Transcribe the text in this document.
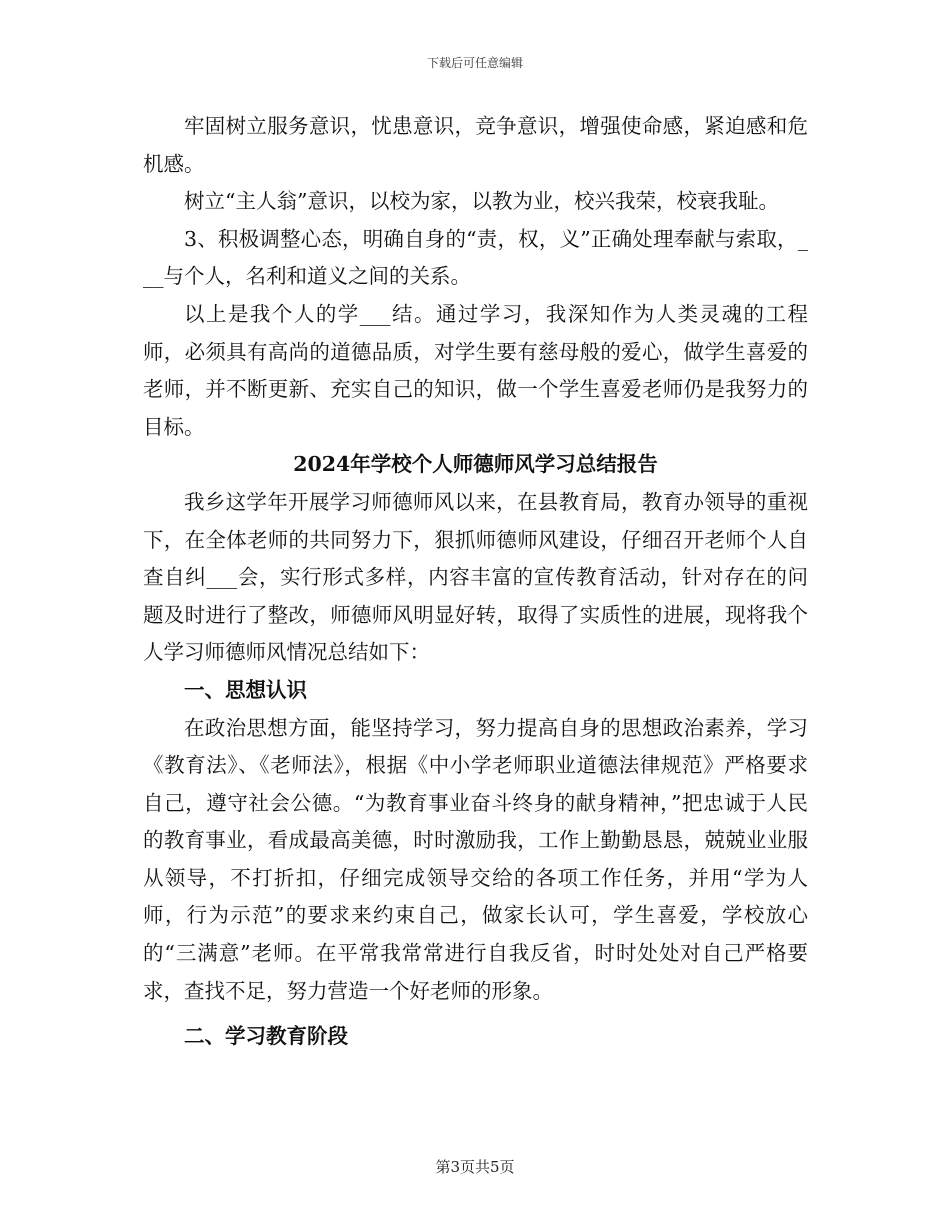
下载后可任意编辑

牢固树立服务意识，忧患意识，竞争意识，增强使命感，紧迫感和危机感。

树立“主人翁”意识，以校为家，以教为业，校兴我荣，校衰我耻。

3、积极调整心态，明确自身的“责，权，义”正确处理奉献与索取，___与个人，名利和道义之间的关系。

以上是我个人的学___结。通过学习，我深知作为人类灵魂的工程师，必须具有高尚的道德品质，对学生要有慈母般的爱心，做学生喜爱的老师，并不断更新、充实自己的知识，做一个学生喜爱老师仍是我努力的目标。

2024年学校个人师德师风学习总结报告

我乡这学年开展学习师德师风以来，在县教育局，教育办领导的重视下，在全体老师的共同努力下，狠抓师德师风建设，仔细召开老师个人自查自纠___会，实行形式多样，内容丰富的宣传教育活动，针对存在的问题及时进行了整改，师德师风明显好转，取得了实质性的进展，现将我个人学习师德师风情况总结如下：

一、思想认识

在政治思想方面，能坚持学习，努力提高自身的思想政治素养，学习《教育法》、《老师法》，根据《中小学老师职业道德法律规范》严格要求自己，遵守社会公德。“为教育事业奋斗终身的献身精神，”把忠诚于人民的教育事业，看成最高美德，时时激励我，工作上勤勤恳恳，兢兢业业服从领导，不打折扣，仔细完成领导交给的各项工作任务，并用“学为人师，行为示范”的要求来约束自己，做家长认可，学生喜爱，学校放心的“三满意”老师。在平常我常常进行自我反省，时时处处对自己严格要求，查找不足，努力营造一个好老师的形象。

二、学习教育阶段
第3页共5页
